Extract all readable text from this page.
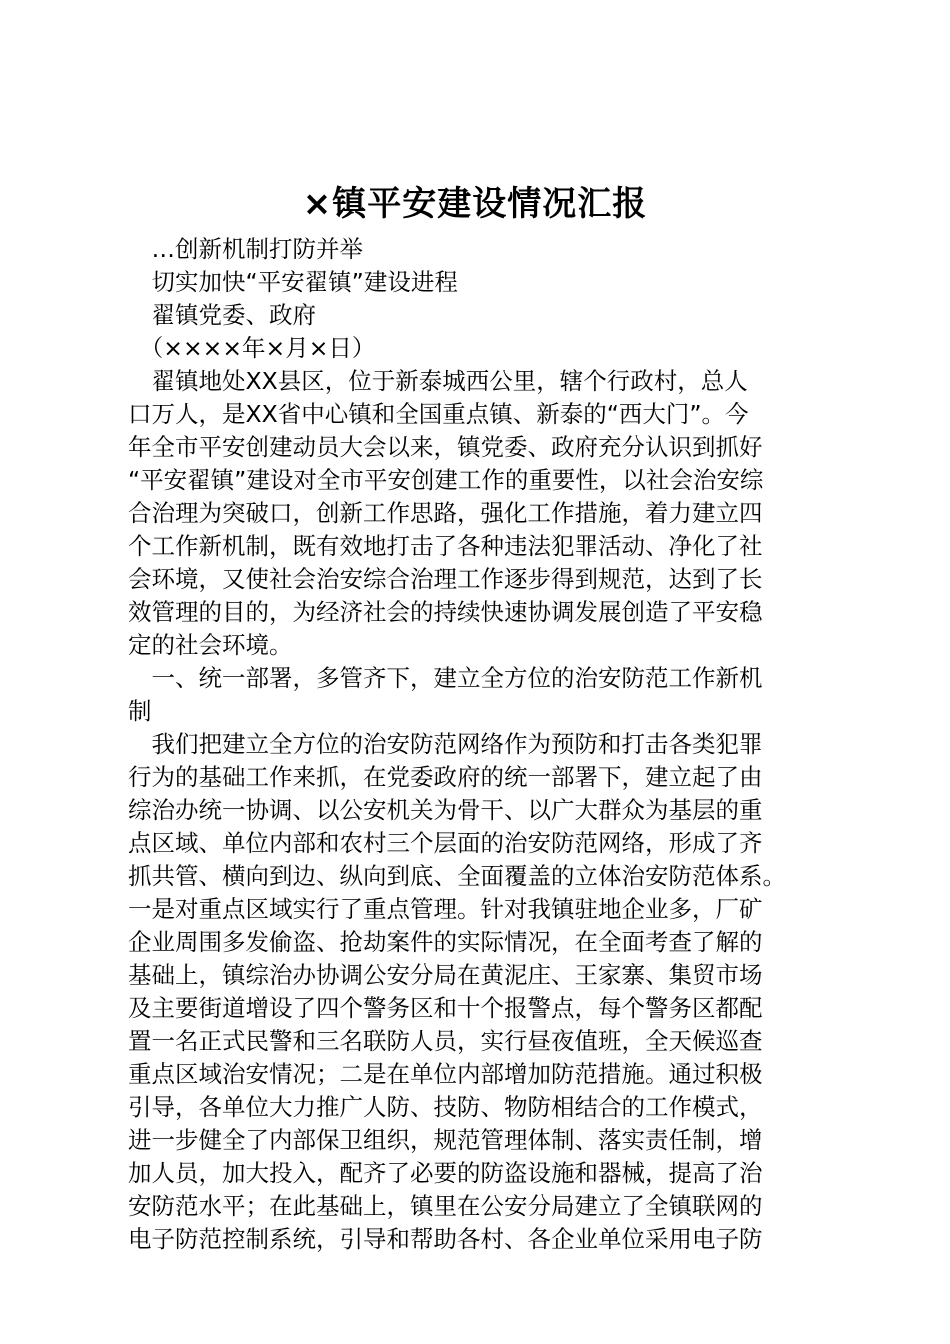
×镇平安建设情况汇报
　…创新机制打防并举
　切实加快“平安翟镇”建设进程
　翟镇党委、政府
　（××××年×月×日）
　翟镇地处XX县区，位于新泰城西公里，辖个行政村，总人
口万人，是XX省中心镇和全国重点镇、新泰的“西大门”。今
年全市平安创建动员大会以来，镇党委、政府充分认识到抓好
“平安翟镇”建设对全市平安创建工作的重要性，以社会治安综
合治理为突破口，创新工作思路，强化工作措施，着力建立四
个工作新机制，既有效地打击了各种违法犯罪活动、净化了社
会环境，又使社会治安综合治理工作逐步得到规范，达到了长
效管理的目的，为经济社会的持续快速协调发展创造了平安稳
定的社会环境。
　一、统一部署，多管齐下，建立全方位的治安防范工作新机
制
　我们把建立全方位的治安防范网络作为预防和打击各类犯罪
行为的基础工作来抓，在党委政府的统一部署下，建立起了由
综治办统一协调、以公安机关为骨干、以广大群众为基层的重
点区域、单位内部和农村三个层面的治安防范网络，形成了齐
抓共管、横向到边、纵向到底、全面覆盖的立体治安防范体系。
一是对重点区域实行了重点管理。针对我镇驻地企业多，厂矿
企业周围多发偷盗、抢劫案件的实际情况，在全面考查了解的
基础上，镇综治办协调公安分局在黄泥庄、王家寨、集贸市场
及主要街道增设了四个警务区和十个报警点，每个警务区都配
置一名正式民警和三名联防人员，实行昼夜值班，全天候巡查
重点区域治安情况；二是在单位内部增加防范措施。通过积极
引导，各单位大力推广人防、技防、物防相结合的工作模式，
进一步健全了内部保卫组织，规范管理体制、落实责任制，增
加人员，加大投入，配齐了必要的防盗设施和器械，提高了治
安防范水平；在此基础上，镇里在公安分局建立了全镇联网的
电子防范控制系统，引导和帮助各村、各企业单位采用电子防
